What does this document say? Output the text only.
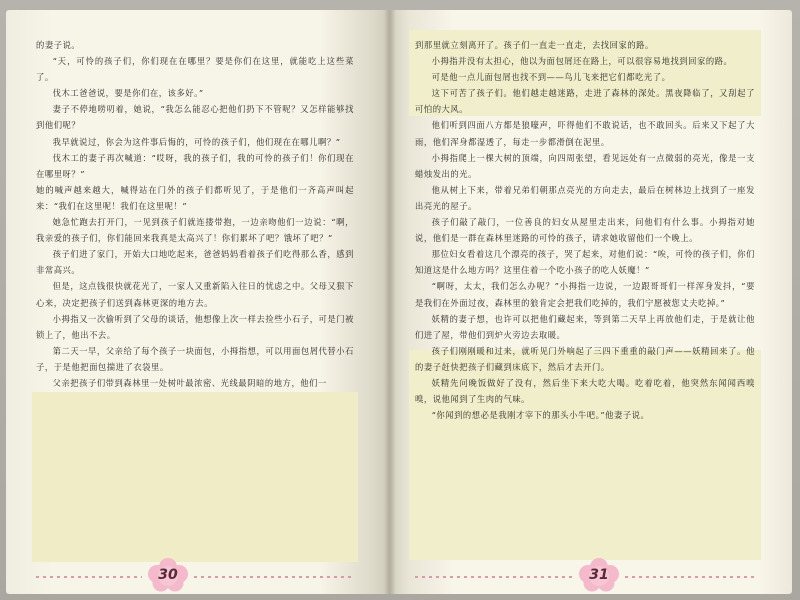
的妻子说。

“天，可怜的孩子们，你们现在在哪里？要是你们在这里，就能吃上这些菜了。

伐木工爸爸说，要是你们在，该多好。”

妻子不停地唠叨着，她说，“我怎么能忍心把他们扔下不管呢？又怎样能够找到他们呢？

我早就说过，你会为这件事后悔的，可怜的孩子们，他们现在在哪儿啊？”

伐木工的妻子再次喊道：“哎呀，我的孩子们，我的可怜的孩子们！你们现在在哪里呀？”

她的喊声越来越大，喊得站在门外的孩子们都听见了，于是他们一齐高声叫起来：“我们在这里呢！我们在这里呢！”

她急忙跑去打开门，一见到孩子们就连搂带抱，一边亲吻他们一边说：“啊，我亲爱的孩子们，你们能回来我真是太高兴了！你们累坏了吧？饿坏了吧？”

孩子们进了家门，开始大口地吃起来，爸爸妈妈看着孩子们吃得那么香，感到非常高兴。

但是，这点钱很快就花光了，一家人又重新陷入往日的忧虑之中。父母又狠下心来，决定把孩子们送到森林更深的地方去。

小拇指又一次偷听到了父母的谈话，他想像上次一样去捡些小石子，可是门被锁上了，他出不去。

第二天一早，父亲给了每个孩子一块面包，小拇指想，可以用面包屑代替小石子，于是他把面包揣进了衣袋里。

父亲把孩子们带到森林里一处树叶最浓密、光线最阴暗的地方，他们一

30

到那里就立刻离开了。孩子们一直走一直走，去找回家的路。

小拇指并没有太担心，他以为面包屑还在路上，可以很容易地找到回家的路。

可是他一点儿面包屑也找不到——鸟儿飞来把它们都吃光了。

这下可苦了孩子们。他们越走越迷路，走进了森林的深处。黑夜降临了，又刮起了可怕的大风。

他们听到四面八方都是狼嚎声，吓得他们不敢说话，也不敢回头。后来又下起了大雨，他们浑身都湿透了，每走一步都滑倒在泥里。

小拇指爬上一棵大树的顶端，向四周张望，看见远处有一点微弱的亮光，像是一支蜡烛发出的光。

他从树上下来，带着兄弟们朝那点亮光的方向走去，最后在树林边上找到了一座发出亮光的屋子。

孩子们敲了敲门，一位善良的妇女从屋里走出来，问他们有什么事。小拇指对她说，他们是一群在森林里迷路的可怜的孩子，请求她收留他们一个晚上。

那位妇女看着这几个漂亮的孩子，哭了起来，对他们说：“唉，可怜的孩子们，你们知道这是什么地方吗？这里住着一个吃小孩子的吃人妖魔！”

“啊呀，太太，我们怎么办呢？”小拇指一边说，一边跟哥哥们一样浑身发抖，“要是我们在外面过夜，森林里的狼肯定会把我们吃掉的，我们宁愿被您丈夫吃掉。”

妖精的妻子想，也许可以把他们藏起来，等到第二天早上再放他们走，于是就让他们进了屋，带他们到炉火旁边去取暖。

孩子们刚刚暖和过来，就听见门外响起了三四下重重的敲门声——妖精回来了。他的妻子赶快把孩子们藏到床底下，然后才去开门。

妖精先问晚饭做好了没有，然后坐下来大吃大喝。吃着吃着，他突然东闻闻西嗅嗅，说他闻到了生肉的气味。

“你闻到的想必是我刚才宰下的那头小牛吧。”他妻子说。

31
